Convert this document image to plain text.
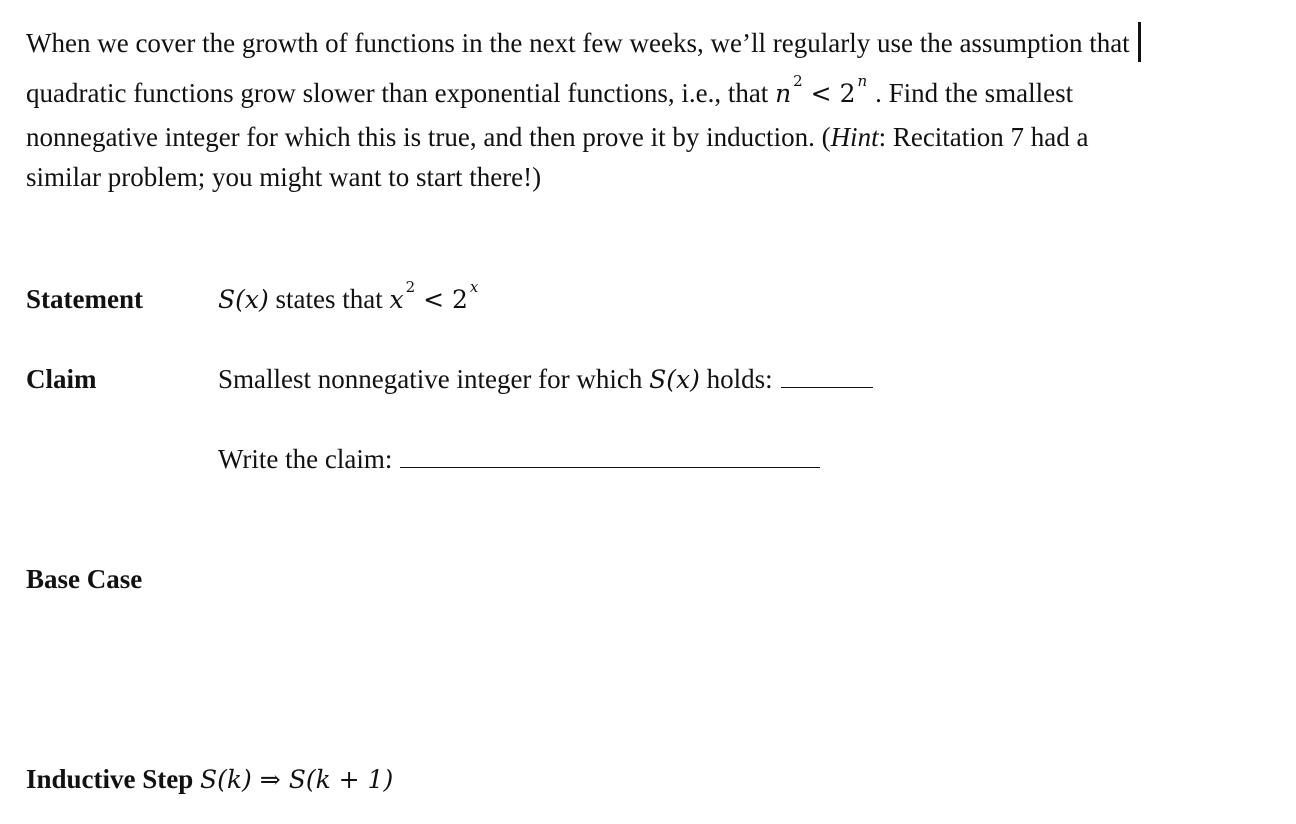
When we cover the growth of functions in the next few weeks, we’ll regularly use the assumption that
quadratic functions grow slower than exponential functions, i.e., that n $^2$ < 2 $^n$ . Find the smallest
nonnegative integer for which this is true, and then prove it by induction. (Hint: Recitation 7 had a
similar problem; you might want to start there!)
Statement	S(x) states that x $^2$ < 2 $^x$
Claim	Smallest nonnegative integer for which S(x) holds:
Write the claim:
Base Case
Inductive Step S(k) ⇒ S(k + 1)
